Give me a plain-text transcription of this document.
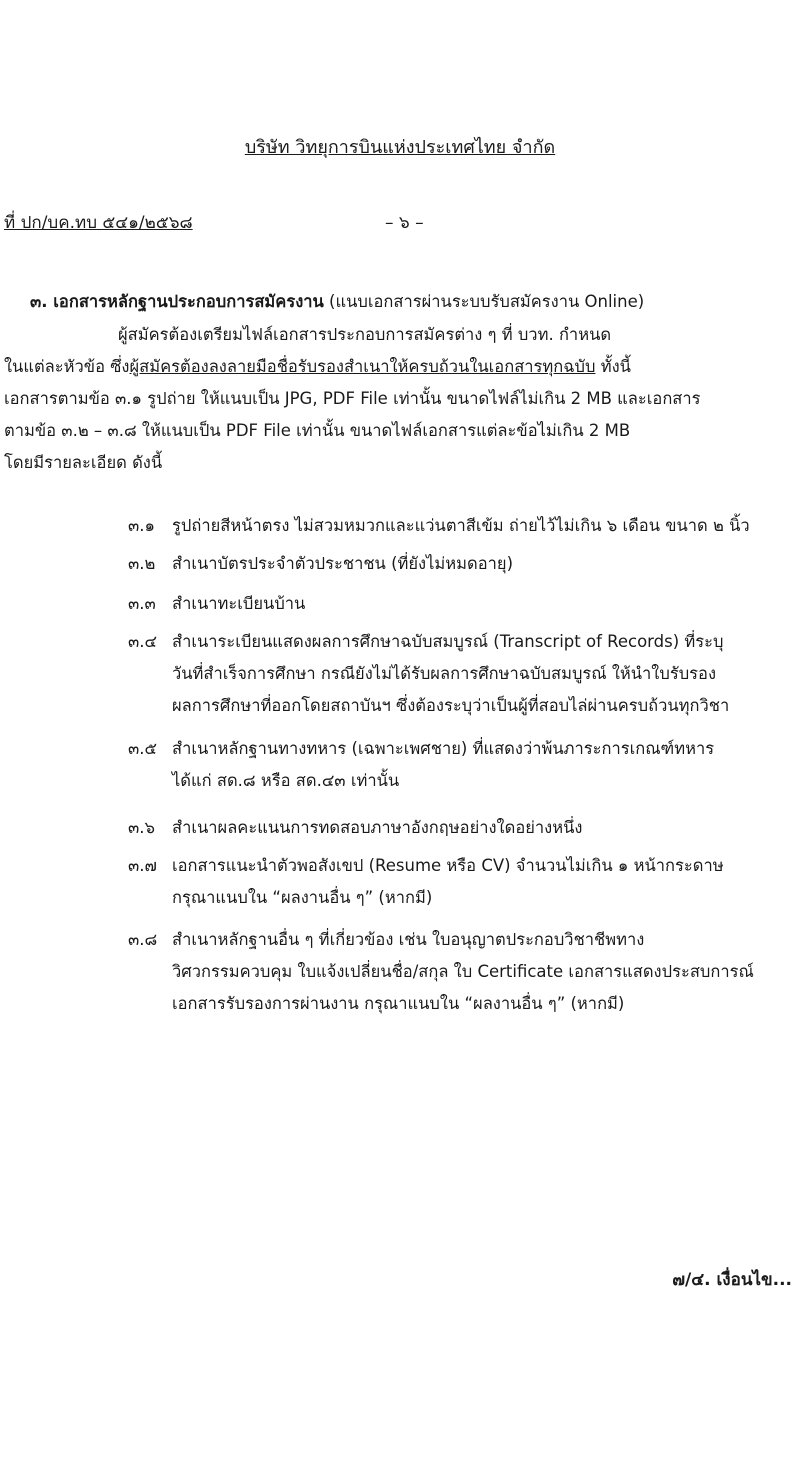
บริษัท วิทยุการบินแห่งประเทศไทย จำกัด
ที่ ปก/บค.ทบ ๕๔๑/๒๕๖๘	– ๖ –
๓. เอกสารหลักฐานประกอบการสมัครงาน (แนบเอกสารผ่านระบบรับสมัครงาน Online)
ผู้สมัครต้องเตรียมไฟล์เอกสารประกอบการสมัครต่าง ๆ ที่ บวท. กำหนด
ในแต่ละหัวข้อ ซึ่งผู้สมัครต้องลงลายมือชื่อรับรองสำเนาให้ครบถ้วนในเอกสารทุกฉบับ ทั้งนี้
เอกสารตามข้อ ๓.๑ รูปถ่าย ให้แนบเป็น JPG, PDF File เท่านั้น ขนาดไฟล์ไม่เกิน 2 MB และเอกสาร
ตามข้อ ๓.๒ – ๓.๘ ให้แนบเป็น PDF File เท่านั้น ขนาดไฟล์เอกสารแต่ละข้อไม่เกิน 2 MB
โดยมีรายละเอียด ดังนี้
๓.๑ รูปถ่ายสีหน้าตรง ไม่สวมหมวกและแว่นตาสีเข้ม ถ่ายไว้ไม่เกิน ๖ เดือน ขนาด ๒ นิ้ว
๓.๒ สำเนาบัตรประจำตัวประชาชน (ที่ยังไม่หมดอายุ)
๓.๓ สำเนาทะเบียนบ้าน
๓.๔ สำเนาระเบียนแสดงผลการศึกษาฉบับสมบูรณ์ (Transcript of Records) ที่ระบุ
วันที่สำเร็จการศึกษา กรณียังไม่ได้รับผลการศึกษาฉบับสมบูรณ์ ให้นำใบรับรอง
ผลการศึกษาที่ออกโดยสถาบันฯ ซึ่งต้องระบุว่าเป็นผู้ที่สอบไล่ผ่านครบถ้วนทุกวิชา
๓.๕ สำเนาหลักฐานทางทหาร (เฉพาะเพศชาย) ที่แสดงว่าพ้นภาระการเกณฑ์ทหาร
ได้แก่ สด.๘ หรือ สด.๔๓ เท่านั้น
๓.๖ สำเนาผลคะแนนการทดสอบภาษาอังกฤษอย่างใดอย่างหนึ่ง
๓.๗ เอกสารแนะนำตัวพอสังเขป (Resume หรือ CV) จำนวนไม่เกิน ๑ หน้ากระดาษ
กรุณาแนบใน “ผลงานอื่น ๆ” (หากมี)
๓.๘ สำเนาหลักฐานอื่น ๆ ที่เกี่ยวข้อง เช่น ใบอนุญาตประกอบวิชาชีพทาง
วิศวกรรมควบคุม ใบแจ้งเปลี่ยนชื่อ/สกุล ใบ Certificate เอกสารแสดงประสบการณ์
เอกสารรับรองการผ่านงาน กรุณาแนบใน “ผลงานอื่น ๆ” (หากมี)
๗/๔. เงื่อนไข...
